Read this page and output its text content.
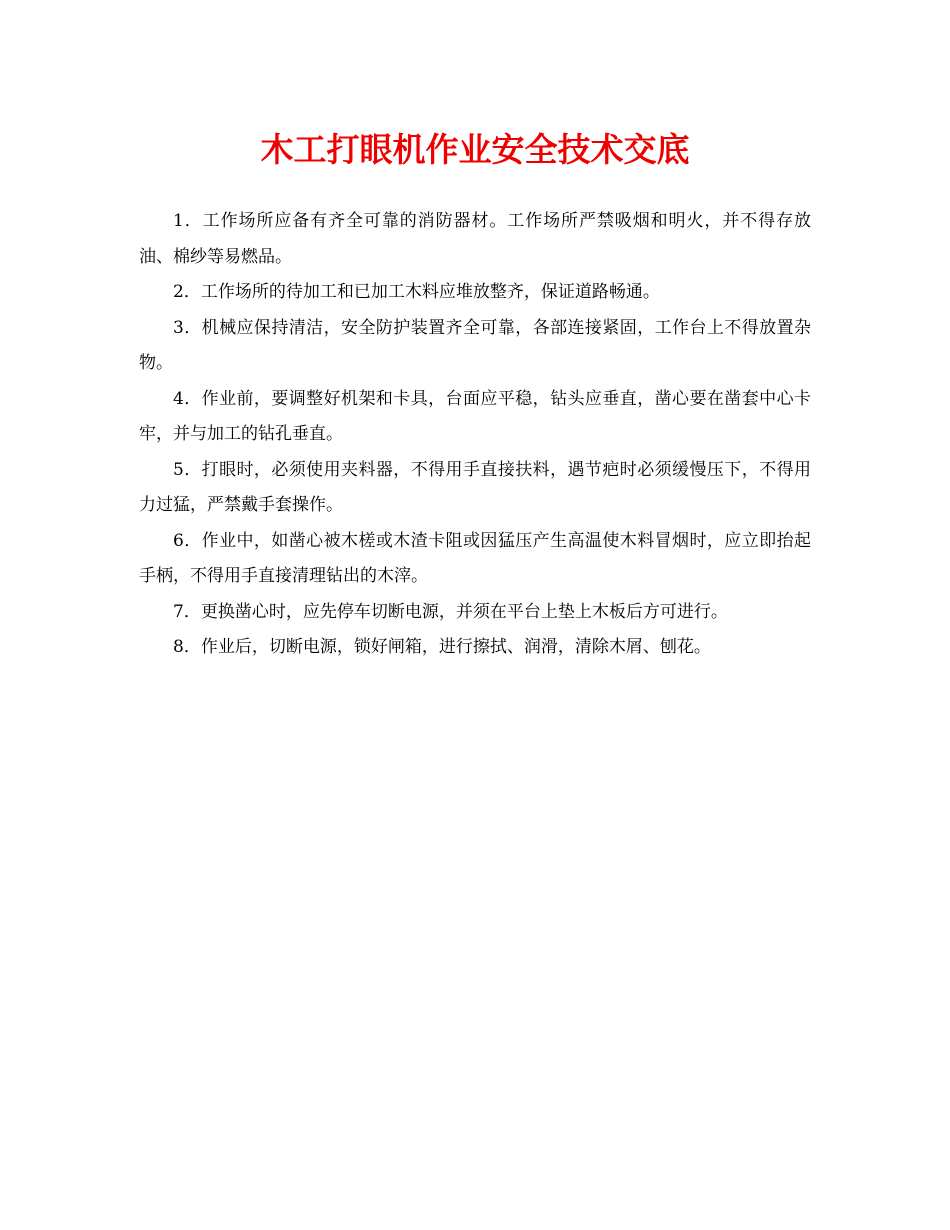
木工打眼机作业安全技术交底

1．工作场所应备有齐全可靠的消防器材。工作场所严禁吸烟和明火，并不得存放油、棉纱等易燃品。

2．工作场所的待加工和已加工木料应堆放整齐，保证道路畅通。

3．机械应保持清洁，安全防护装置齐全可靠，各部连接紧固，工作台上不得放置杂物。

4．作业前，要调整好机架和卡具，台面应平稳，钻头应垂直，凿心要在凿套中心卡牢，并与加工的钻孔垂直。

5．打眼时，必须使用夹料器，不得用手直接扶料，遇节疤时必须缓慢压下，不得用力过猛，严禁戴手套操作。

6．作业中，如凿心被木槎或木渣卡阻或因猛压产生高温使木料冒烟时，应立即抬起手柄，不得用手直接清理钻出的木滓。

7．更换凿心时，应先停车切断电源，并须在平台上垫上木板后方可进行。

8．作业后，切断电源，锁好闸箱，进行擦拭、润滑，清除木屑、刨花。
